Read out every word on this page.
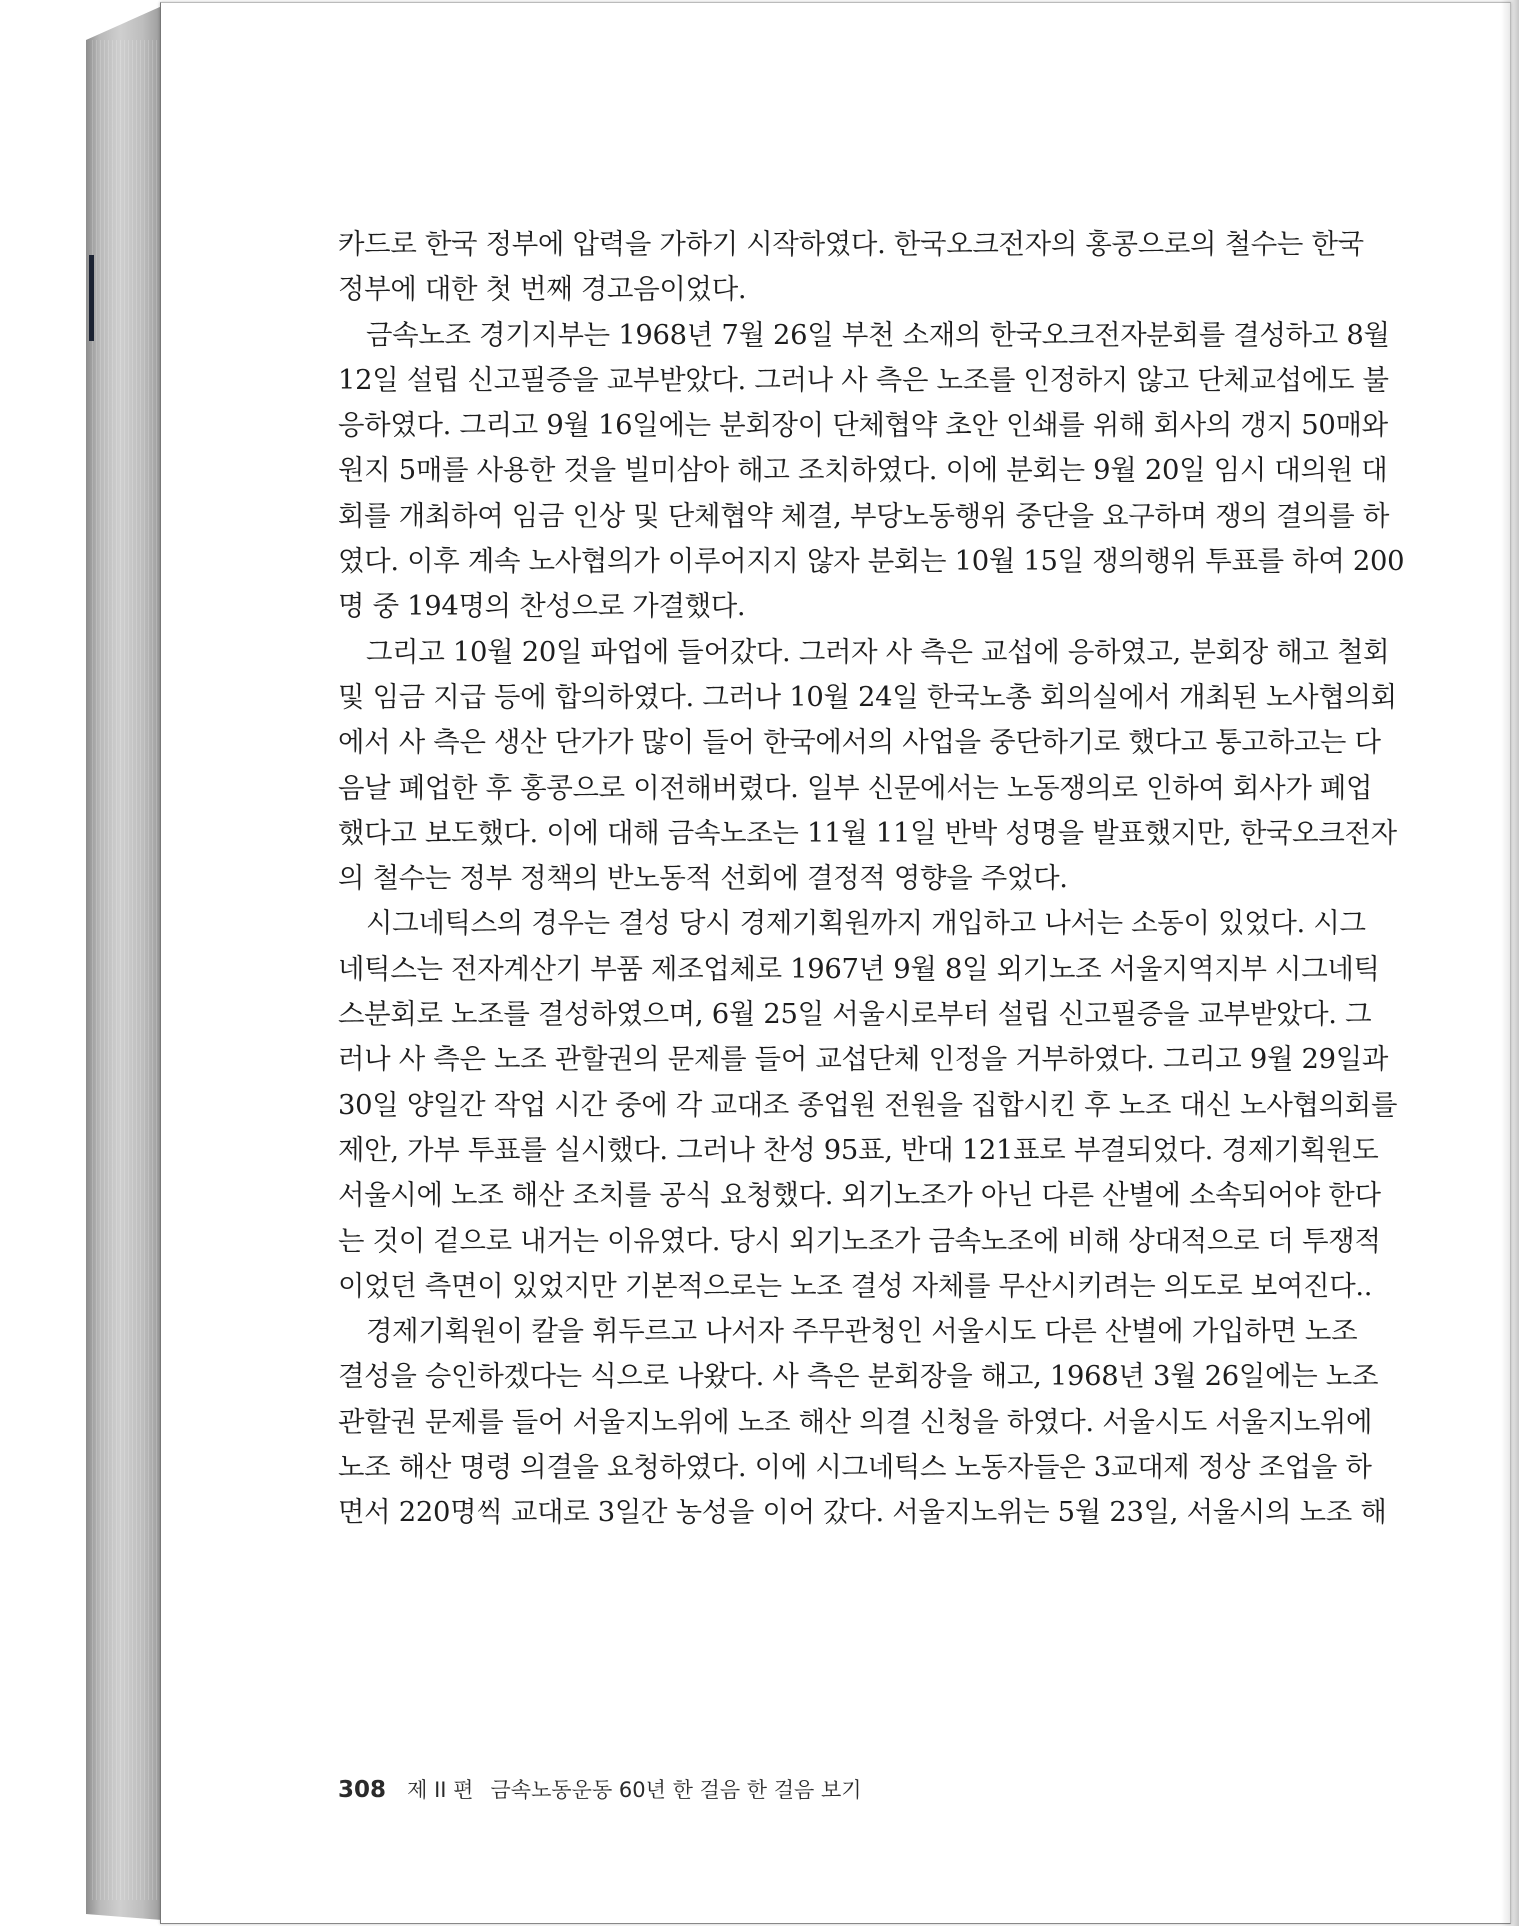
카드로 한국 정부에 압력을 가하기 시작하였다. 한국오크전자의 홍콩으로의 철수는 한국
정부에 대한 첫 번째 경고음이었다.
금속노조 경기지부는 1968년 7월 26일 부천 소재의 한국오크전자분회를 결성하고 8월
12일 설립 신고필증을 교부받았다. 그러나 사 측은 노조를 인정하지 않고 단체교섭에도 불
응하였다. 그리고 9월 16일에는 분회장이 단체협약 초안 인쇄를 위해 회사의 갱지 50매와
원지 5매를 사용한 것을 빌미삼아 해고 조치하였다. 이에 분회는 9월 20일 임시 대의원 대
회를 개최하여 임금 인상 및 단체협약 체결, 부당노동행위 중단을 요구하며 쟁의 결의를 하
였다. 이후 계속 노사협의가 이루어지지 않자 분회는 10월 15일 쟁의행위 투표를 하여 200
명 중 194명의 찬성으로 가결했다.
그리고 10월 20일 파업에 들어갔다. 그러자 사 측은 교섭에 응하였고, 분회장 해고 철회
및 임금 지급 등에 합의하였다. 그러나 10월 24일 한국노총 회의실에서 개최된 노사협의회
에서 사 측은 생산 단가가 많이 들어 한국에서의 사업을 중단하기로 했다고 통고하고는 다
음날 폐업한 후 홍콩으로 이전해버렸다. 일부 신문에서는 노동쟁의로 인하여 회사가 폐업
했다고 보도했다. 이에 대해 금속노조는 11월 11일 반박 성명을 발표했지만, 한국오크전자
의 철수는 정부 정책의 반노동적 선회에 결정적 영향을 주었다.
시그네틱스의 경우는 결성 당시 경제기획원까지 개입하고 나서는 소동이 있었다. 시그
네틱스는 전자계산기 부품 제조업체로 1967년 9월 8일 외기노조 서울지역지부 시그네틱
스분회로 노조를 결성하였으며, 6월 25일 서울시로부터 설립 신고필증을 교부받았다. 그
러나 사 측은 노조 관할권의 문제를 들어 교섭단체 인정을 거부하였다. 그리고 9월 29일과
30일 양일간 작업 시간 중에 각 교대조 종업원 전원을 집합시킨 후 노조 대신 노사협의회를
제안, 가부 투표를 실시했다. 그러나 찬성 95표, 반대 121표로 부결되었다. 경제기획원도
서울시에 노조 해산 조치를 공식 요청했다. 외기노조가 아닌 다른 산별에 소속되어야 한다
는 것이 겉으로 내거는 이유였다. 당시 외기노조가 금속노조에 비해 상대적으로 더 투쟁적
이었던 측면이 있었지만 기본적으로는 노조 결성 자체를 무산시키려는 의도로 보여진다..
경제기획원이 칼을 휘두르고 나서자 주무관청인 서울시도 다른 산별에 가입하면 노조
결성을 승인하겠다는 식으로 나왔다. 사 측은 분회장을 해고, 1968년 3월 26일에는 노조
관할권 문제를 들어 서울지노위에 노조 해산 의결 신청을 하였다. 서울시도 서울지노위에
노조 해산 명령 의결을 요청하였다. 이에 시그네틱스 노동자들은 3교대제 정상 조업을 하
면서 220명씩 교대로 3일간 농성을 이어 갔다. 서울지노위는 5월 23일, 서울시의 노조 해
308 제 II 편 금속노동운동 60년 한 걸음 한 걸음 보기
